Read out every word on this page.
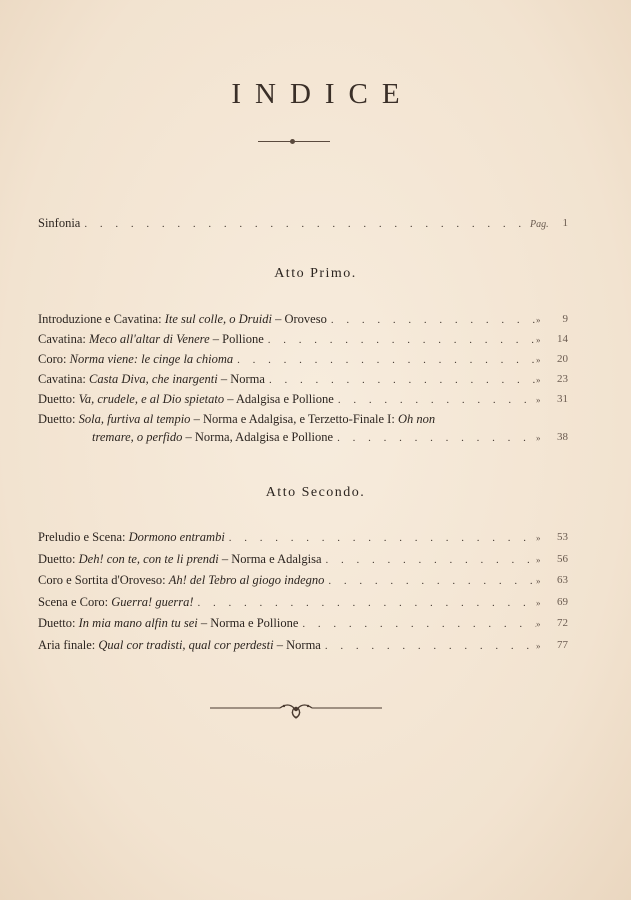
INDICE
Sinfonia . . .	Pag.	1
Atto Primo.
Introduzione e Cavatina: Ite sul colle, o Druidi – Oroveso . . .	»	9
Cavatina: Meco all'altar di Venere – Pollione . . .	»	14
Coro: Norma viene: le cinge la chioma . . .	»	20
Cavatina: Casta Diva, che inargenti – Norma . . .	»	23
Duetto: Va, crudele, e al Dio spietato – Adalgisa e Pollione . . .	»	31
Duetto: Sola, furtiva al tempio – Norma e Adalgisa, e Terzetto-Finale I: Oh non
tremare, o perfido – Norma, Adalgisa e Pollione . . .	»	38
Atto Secondo.
Preludio e Scena: Dormono entrambi . . .	»	53
Duetto: Deh! con te, con te li prendi – Norma e Adalgisa . . .	»	56
Coro e Sortita d'Oroveso: Ah! del Tebro al giogo indegno . . .	»	63
Scena e Coro: Guerra! guerra! . . .	»	69
Duetto: In mia mano alfin tu sei – Norma e Pollione . . .	»	72
Aria finale: Qual cor tradisti, qual cor perdesti – Norma . . .	»	77
